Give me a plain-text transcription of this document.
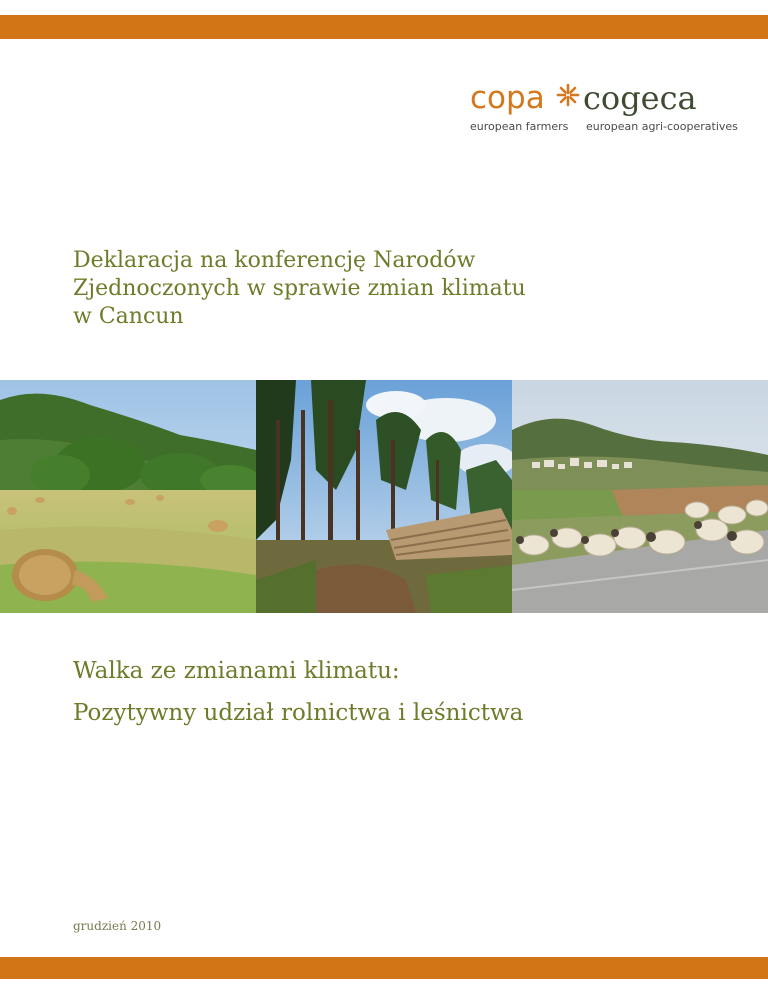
copa cogeca
european farmers european agri-cooperatives
Deklaracja na konferencję Narodów
Zjednoczonych w sprawie zmian klimatu
w Cancun
Walka ze zmianami klimatu:
Pozytywny udział rolnictwa i leśnictwa
grudzień 2010
